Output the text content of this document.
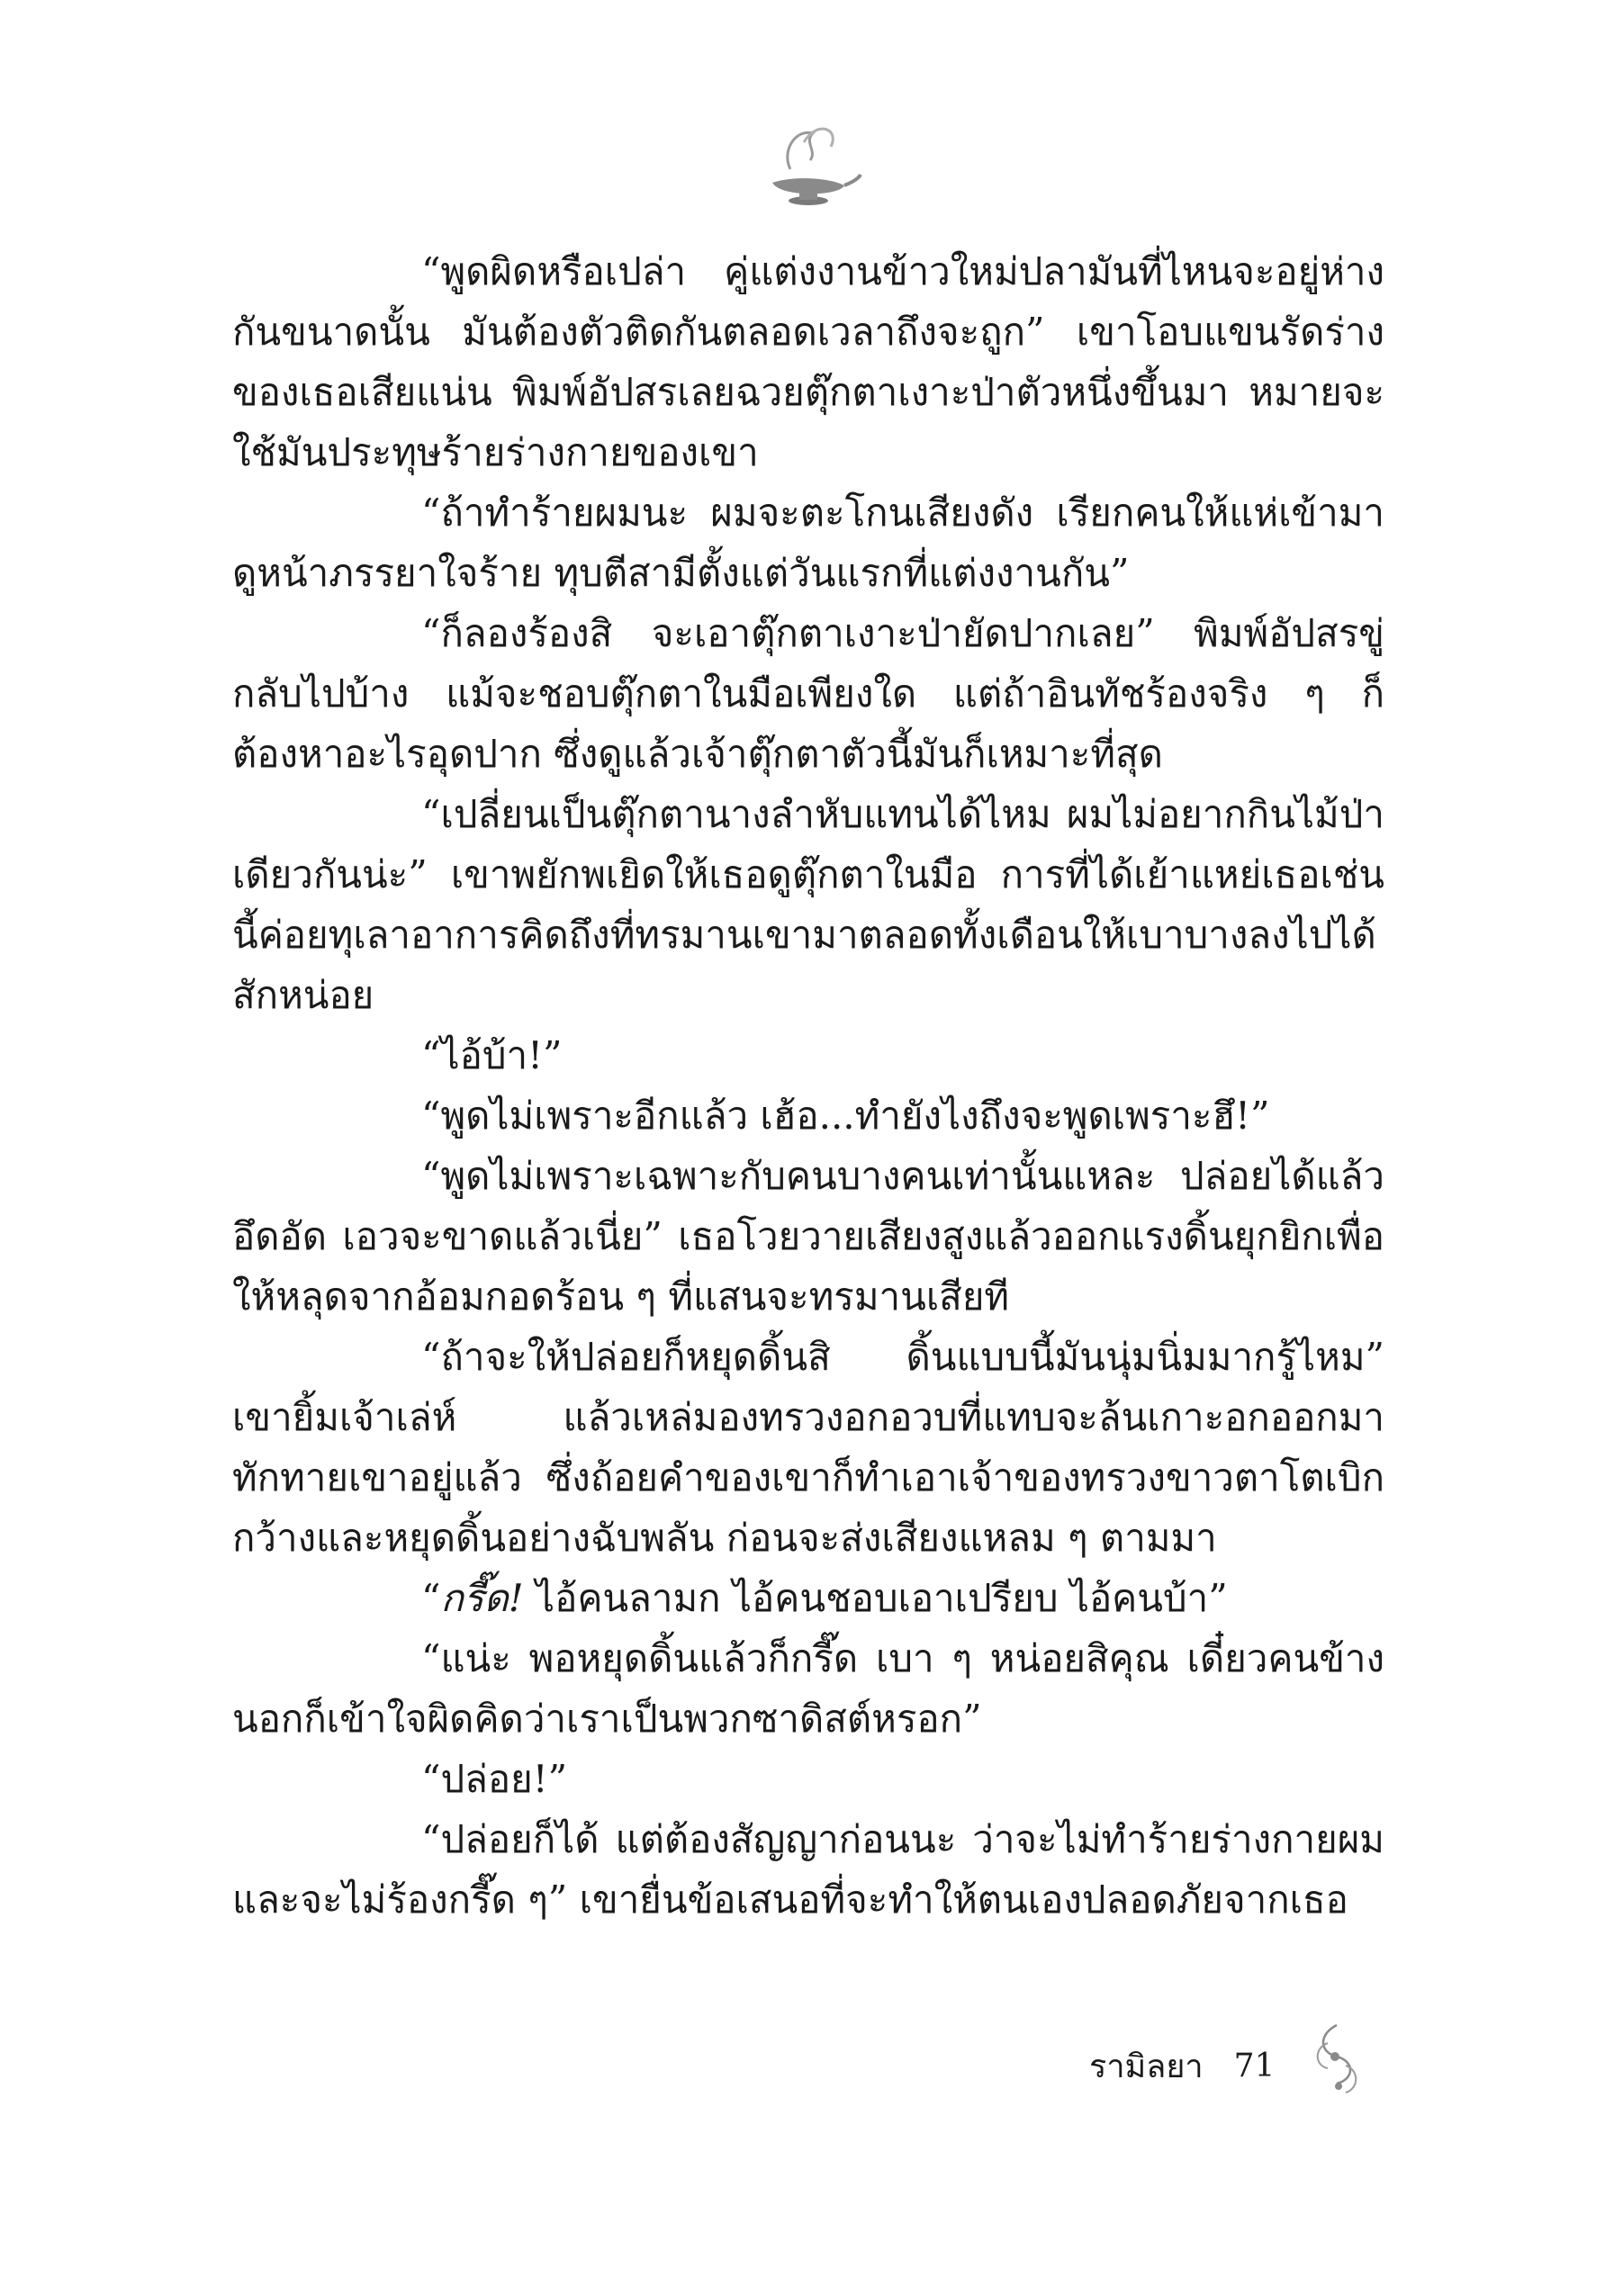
“พูดผิดหรือเปล่า คู่แต่งงานข้าวใหม่ปลามันที่ไหนจะอยู่ห่างกันขนาดนั้น มันต้องตัวติดกันตลอดเวลาถึงจะถูก” เขาโอบแขนรัดร่างของเธอเสียแน่น พิมพ์อัปสรเลยฉวยตุ๊กตาเงาะป่าตัวหนึ่งขึ้นมา หมายจะใช้มันประทุษร้ายร่างกายของเขา

“ถ้าทำร้ายผมนะ ผมจะตะโกนเสียงดัง เรียกคนให้แห่เข้ามาดูหน้าภรรยาใจร้าย ทุบตีสามีตั้งแต่วันแรกที่แต่งงานกัน”

“ก็ลองร้องสิ จะเอาตุ๊กตาเงาะป่ายัดปากเลย” พิมพ์อัปสรขู่กลับไปบ้าง แม้จะชอบตุ๊กตาในมือเพียงใด แต่ถ้าอินทัชร้องจริง ๆ ก็ต้องหาอะไรอุดปาก ซึ่งดูแล้วเจ้าตุ๊กตาตัวนี้มันก็เหมาะที่สุด

“เปลี่ยนเป็นตุ๊กตานางลำหับแทนได้ไหม ผมไม่อยากกินไม้ป่าเดียวกันน่ะ” เขาพยักพเยิดให้เธอดูตุ๊กตาในมือ การที่ได้เย้าแหย่เธอเช่นนี้ค่อยทุเลาอาการคิดถึงที่ทรมานเขามาตลอดทั้งเดือนให้เบาบางลงไปได้สักหน่อย

“ไอ้บ้า!”

“พูดไม่เพราะอีกแล้ว เฮ้อ...ทำยังไงถึงจะพูดเพราะฮึ!”

“พูดไม่เพราะเฉพาะกับคนบางคนเท่านั้นแหละ ปล่อยได้แล้วอึดอัด เอวจะขาดแล้วเนี่ย” เธอโวยวายเสียงสูงแล้วออกแรงดิ้นยุกยิกเพื่อให้หลุดจากอ้อมกอดร้อน ๆ ที่แสนจะทรมานเสียที

“ถ้าจะให้ปล่อยก็หยุดดิ้นสิ ดิ้นแบบนี้มันนุ่มนิ่มมากรู้ไหม” เขายิ้มเจ้าเล่ห์ แล้วเหล่มองทรวงอกอวบที่แทบจะล้นเกาะอกออกมาทักทายเขาอยู่แล้ว ซึ่งถ้อยคำของเขาก็ทำเอาเจ้าของทรวงขาวตาโตเบิกกว้างและหยุดดิ้นอย่างฉับพลัน ก่อนจะส่งเสียงแหลม ๆ ตามมา

“กรี๊ด! ไอ้คนลามก ไอ้คนชอบเอาเปรียบ ไอ้คนบ้า”

“แน่ะ พอหยุดดิ้นแล้วก็กรี๊ด เบา ๆ หน่อยสิคุณ เดี๋ยวคนข้างนอกก็เข้าใจผิดคิดว่าเราเป็นพวกซาดิสต์หรอก”

“ปล่อย!”

“ปล่อยก็ได้ แต่ต้องสัญญาก่อนนะ ว่าจะไม่ทำร้ายร่างกายผมและจะไม่ร้องกรี๊ด ๆ” เขายื่นข้อเสนอที่จะทำให้ตนเองปลอดภัยจากเธอ

รามิลยา 71
